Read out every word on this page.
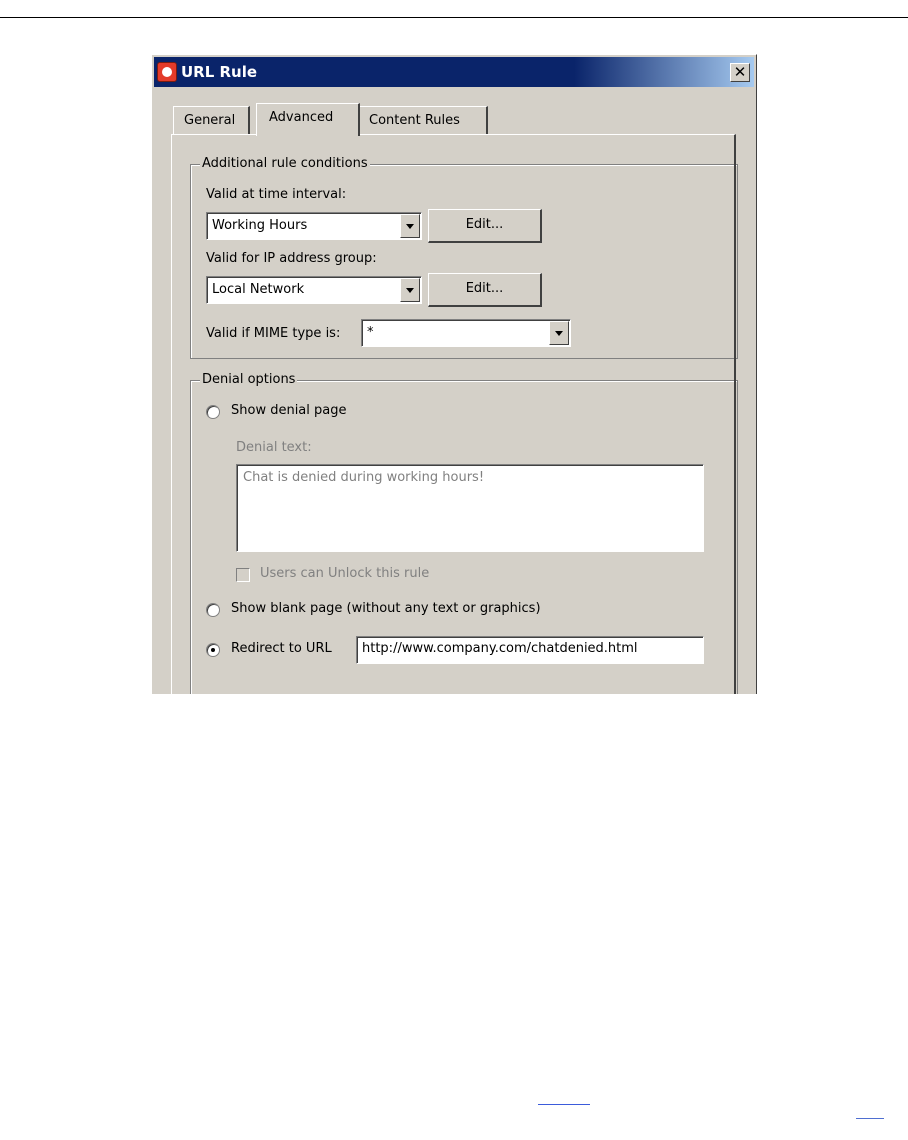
URL Rule	✕
General	Content Rules
Advanced
Additional rule conditions
Valid at time interval:
Working Hours	Edit...
Valid for IP address group:
Local Network	Edit...
Valid if MIME type is: *
Denial options
Show denial page
Denial text:
Chat is denied during working hours!
Users can Unlock this rule
Show blank page (without any text or graphics)
Redirect to URL	http://www.company.com/chatdenied.html
